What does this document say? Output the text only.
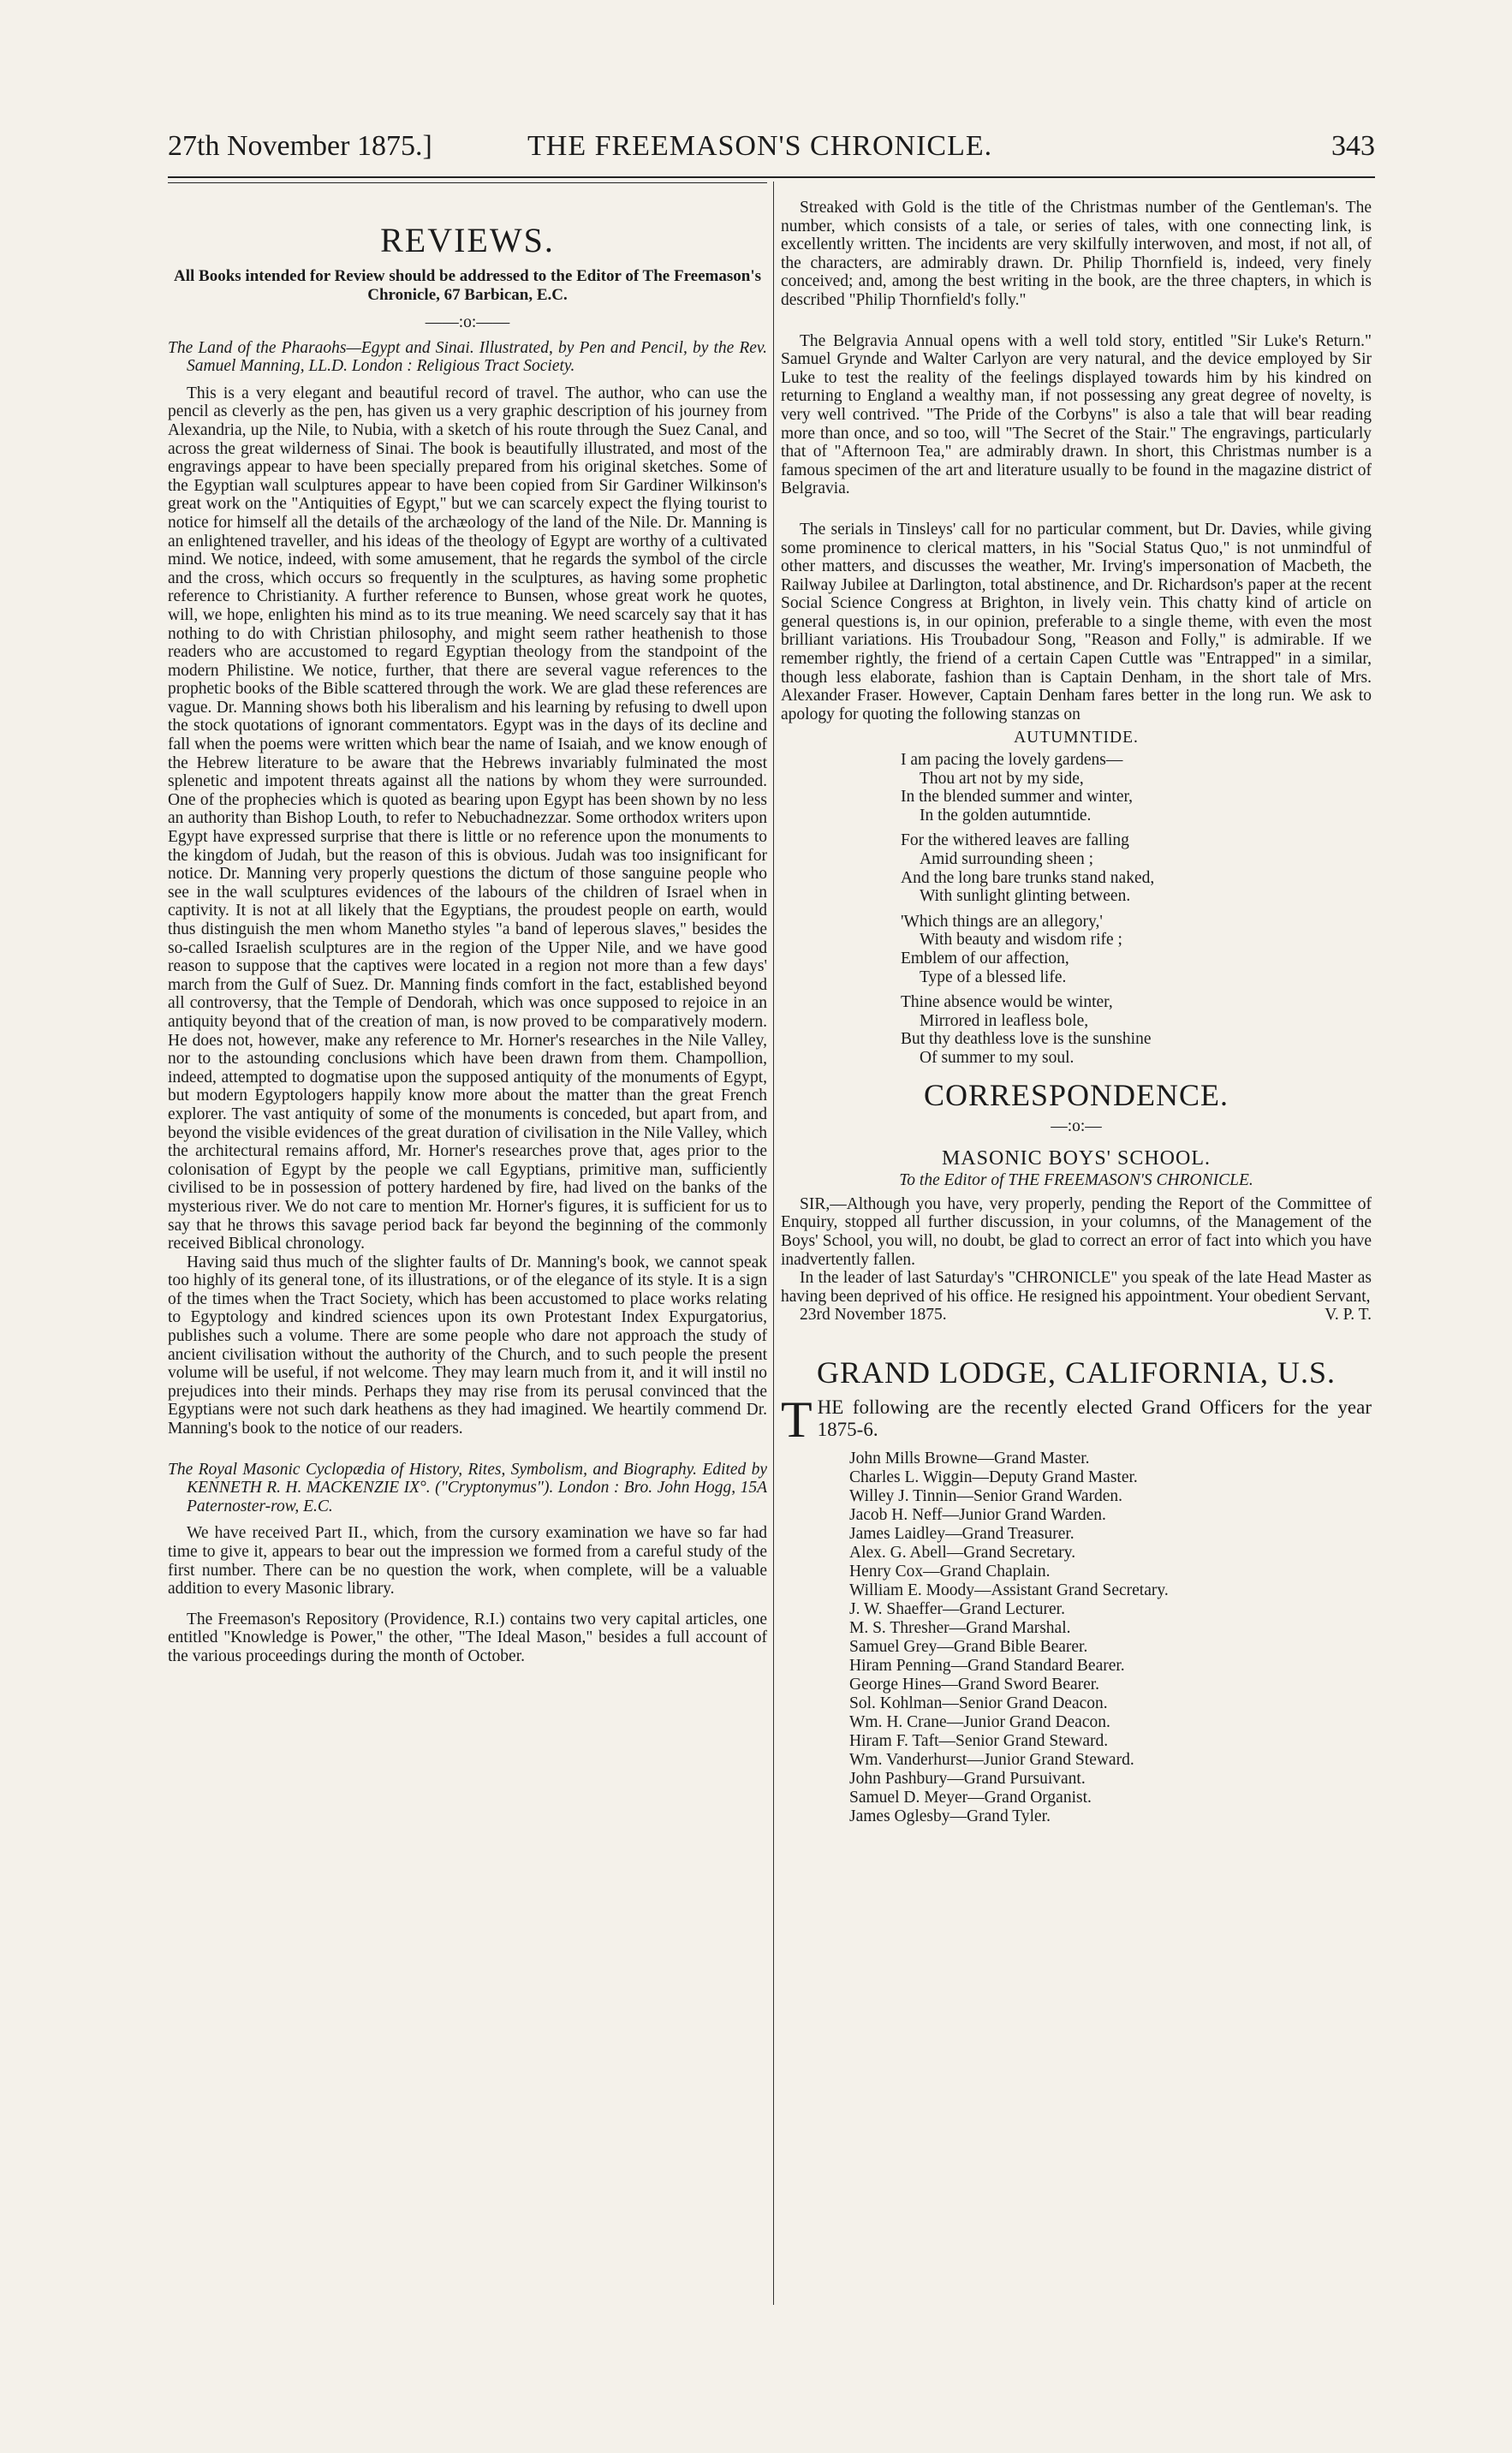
27th November 1875.]	THE FREEMASON'S CHRONICLE.	343
REVIEWS.

All Books intended for Review should be addressed to the Editor of The Freemason's Chronicle, 67 Barbican, E.C.

——:o:——

The Land of the Pharaohs—Egypt and Sinai. Illustrated, by Pen and Pencil, by the Rev. Samuel Manning, LL.D. London : Religious Tract Society.

This is a very elegant and beautiful record of travel. The author, who can use the pencil as cleverly as the pen, has given us a very graphic description of his journey from Alexandria, up the Nile, to Nubia, with a sketch of his route through the Suez Canal, and across the great wilderness of Sinai. The book is beautifully illustrated, and most of the engravings appear to have been specially prepared from his original sketches. Some of the Egyptian wall sculptures appear to have been copied from Sir Gardiner Wilkinson's great work on the "Antiquities of Egypt," but we can scarcely expect the flying tourist to notice for himself all the details of the archæology of the land of the Nile. Dr. Manning is an enlightened traveller, and his ideas of the theology of Egypt are worthy of a cultivated mind. We notice, indeed, with some amusement, that he regards the symbol of the circle and the cross, which occurs so frequently in the sculptures, as having some prophetic reference to Christianity. A further reference to Bunsen, whose great work he quotes, will, we hope, enlighten his mind as to its true meaning. We need scarcely say that it has nothing to do with Christian philosophy, and might seem rather heathenish to those readers who are accustomed to regard Egyptian theology from the standpoint of the modern Philistine. We notice, further, that there are several vague references to the prophetic books of the Bible scattered through the work. We are glad these references are vague. Dr. Manning shows both his liberalism and his learning by refusing to dwell upon the stock quotations of ignorant commentators. Egypt was in the days of its decline and fall when the poems were written which bear the name of Isaiah, and we know enough of the Hebrew literature to be aware that the Hebrews invariably fulminated the most splenetic and impotent threats against all the nations by whom they were surrounded. One of the prophecies which is quoted as bearing upon Egypt has been shown by no less an authority than Bishop Louth, to refer to Nebuchadnezzar. Some orthodox writers upon Egypt have expressed surprise that there is little or no reference upon the monuments to the kingdom of Judah, but the reason of this is obvious. Judah was too insignificant for notice. Dr. Manning very properly questions the dictum of those sanguine people who see in the wall sculptures evidences of the labours of the children of Israel when in captivity. It is not at all likely that the Egyptians, the proudest people on earth, would thus distinguish the men whom Manetho styles "a band of leperous slaves," besides the so-called Israelish sculptures are in the region of the Upper Nile, and we have good reason to suppose that the captives were located in a region not more than a few days' march from the Gulf of Suez. Dr. Manning finds comfort in the fact, established beyond all controversy, that the Temple of Dendorah, which was once supposed to rejoice in an antiquity beyond that of the creation of man, is now proved to be comparatively modern. He does not, however, make any reference to Mr. Horner's researches in the Nile Valley, nor to the astounding conclusions which have been drawn from them. Champollion, indeed, attempted to dogmatise upon the supposed antiquity of the monuments of Egypt, but modern Egyptologers happily know more about the matter than the great French explorer. The vast antiquity of some of the monuments is conceded, but apart from, and beyond the visible evidences of the great duration of civilisation in the Nile Valley, which the architectural remains afford, Mr. Horner's researches prove that, ages prior to the colonisation of Egypt by the people we call Egyptians, primitive man, sufficiently civilised to be in possession of pottery hardened by fire, had lived on the banks of the mysterious river. We do not care to mention Mr. Horner's figures, it is sufficient for us to say that he throws this savage period back far beyond the beginning of the commonly received Biblical chronology.

Having said thus much of the slighter faults of Dr. Manning's book, we cannot speak too highly of its general tone, of its illustrations, or of the elegance of its style. It is a sign of the times when the Tract Society, which has been accustomed to place works relating to Egyptology and kindred sciences upon its own Protestant Index Expurgatorius, publishes such a volume. There are some people who dare not approach the study of ancient civilisation without the authority of the Church, and to such people the present volume will be useful, if not welcome. They may learn much from it, and it will instil no prejudices into their minds. Perhaps they may rise from its perusal convinced that the Egyptians were not such dark heathens as they had imagined. We heartily commend Dr. Manning's book to the notice of our readers.

The Royal Masonic Cyclopædia of History, Rites, Symbolism, and Biography. Edited by KENNETH R. H. MACKENZIE IX°. ("Cryptonymus"). London : Bro. John Hogg, 15A Paternoster-row, E.C.

We have received Part II., which, from the cursory examination we have so far had time to give it, appears to bear out the impression we formed from a careful study of the first number. There can be no question the work, when complete, will be a valuable addition to every Masonic library.

The Freemason's Repository (Providence, R.I.) contains two very capital articles, one entitled "Knowledge is Power," the other, "The Ideal Mason," besides a full account of the various proceedings during the month of October.

Streaked with Gold is the title of the Christmas number of the Gentleman's. The number, which consists of a tale, or series of tales, with one connecting link, is excellently written. The incidents are very skilfully interwoven, and most, if not all, of the characters, are admirably drawn. Dr. Philip Thornfield is, indeed, very finely conceived; and, among the best writing in the book, are the three chapters, in which is described "Philip Thornfield's folly."

The Belgravia Annual opens with a well told story, entitled "Sir Luke's Return." Samuel Grynde and Walter Carlyon are very natural, and the device employed by Sir Luke to test the reality of the feelings displayed towards him by his kindred on returning to England a wealthy man, if not possessing any great degree of novelty, is very well contrived. "The Pride of the Corbyns" is also a tale that will bear reading more than once, and so too, will "The Secret of the Stair." The engravings, particularly that of "Afternoon Tea," are admirably drawn. In short, this Christmas number is a famous specimen of the art and literature usually to be found in the magazine district of Belgravia.

The serials in Tinsleys' call for no particular comment, but Dr. Davies, while giving some prominence to clerical matters, in his "Social Status Quo," is not unmindful of other matters, and discusses the weather, Mr. Irving's impersonation of Macbeth, the Railway Jubilee at Darlington, total abstinence, and Dr. Richardson's paper at the recent Social Science Congress at Brighton, in lively vein. This chatty kind of article on general questions is, in our opinion, preferable to a single theme, with even the most brilliant variations. His Troubadour Song, "Reason and Folly," is admirable. If we remember rightly, the friend of a certain Capen Cuttle was "Entrapped" in a similar, though less elaborate, fashion than is Captain Denham, in the short tale of Mrs. Alexander Fraser. However, Captain Denham fares better in the long run. We ask to apology for quoting the following stanzas on

AUTUMNTIDE.
I am pacing the lovely gardens—
Thou art not by my side,
In the blended summer and winter,
In the golden autumntide.
For the withered leaves are falling
Amid surrounding sheen ;
And the long bare trunks stand naked,
With sunlight glinting between.
'Which things are an allegory,'
With beauty and wisdom rife ;
Emblem of our affection,
Type of a blessed life.
Thine absence would be winter,
Mirrored in leafless bole,
But thy deathless love is the sunshine
Of summer to my soul.
CORRESPONDENCE.
—:o:—
MASONIC BOYS' SCHOOL.
To the Editor of THE FREEMASON'S CHRONICLE.

SIR,—Although you have, very properly, pending the Report of the Committee of Enquiry, stopped all further discussion, in your columns, of the Management of the Boys' School, you will, no doubt, be glad to correct an error of fact into which you have inadvertently fallen.

In the leader of last Saturday's "CHRONICLE" you speak of the late Head Master as having been deprived of his office. He resigned his appointment. Your obedient Servant,

23rd November 1875.	V. P. T.
GRAND LODGE, CALIFORNIA, U.S.

T HE following are the recently elected Grand Officers for the year 1875-6.

John Mills Browne—Grand Master.
Charles L. Wiggin—Deputy Grand Master.
Willey J. Tinnin—Senior Grand Warden.
Jacob H. Neff—Junior Grand Warden.
James Laidley—Grand Treasurer.
Alex. G. Abell—Grand Secretary.
Henry Cox—Grand Chaplain.
William E. Moody—Assistant Grand Secretary.
J. W. Shaeffer—Grand Lecturer.
M. S. Thresher—Grand Marshal.
Samuel Grey—Grand Bible Bearer.
Hiram Penning—Grand Standard Bearer.
George Hines—Grand Sword Bearer.
Sol. Kohlman—Senior Grand Deacon.
Wm. H. Crane—Junior Grand Deacon.
Hiram F. Taft—Senior Grand Steward.
Wm. Vanderhurst—Junior Grand Steward.
John Pashbury—Grand Pursuivant.
Samuel D. Meyer—Grand Organist.
James Oglesby—Grand Tyler.
